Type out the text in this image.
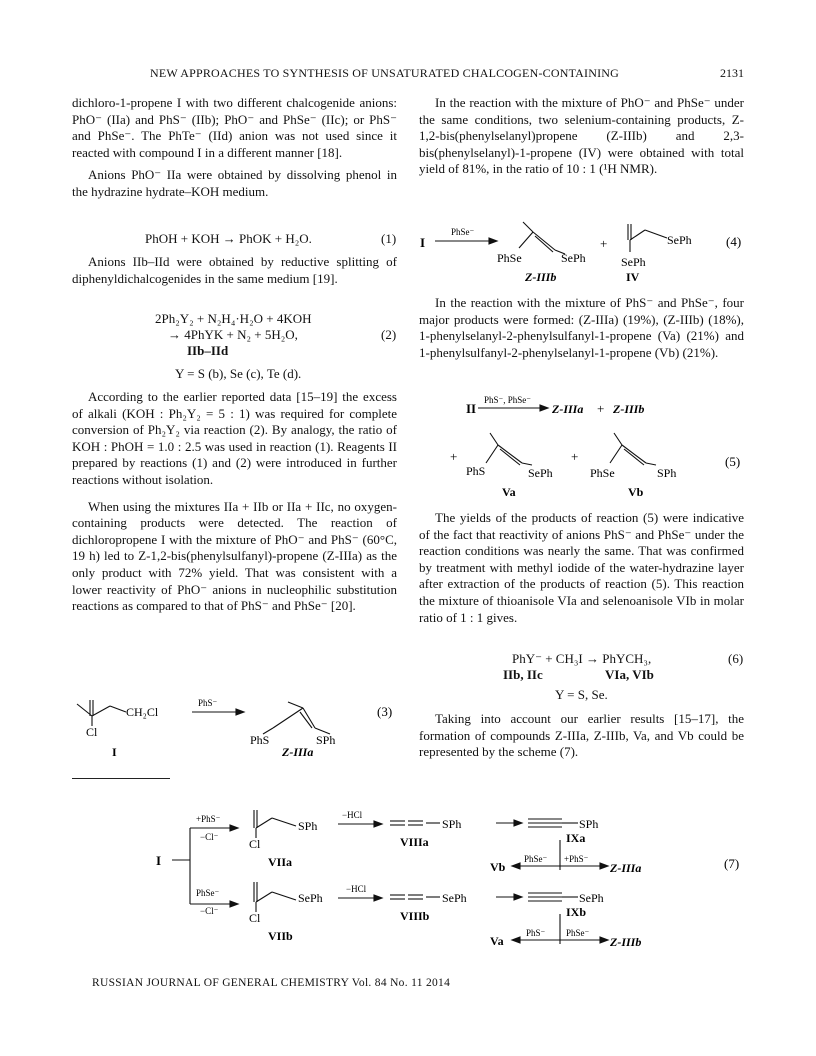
NEW APPROACHES TO SYNTHESIS OF UNSATURATED CHALCOGEN-CONTAINING	2131

dichloro-1-propene I with two different chalcogenide anions: PhO⁻ (IIa) and PhS⁻ (IIb); PhO⁻ and PhSe⁻ (IIc); or PhS⁻ and PhSe⁻. The PhTe⁻ (IId) anion was not used since it reacted with compound I in a different manner [18].

Anions PhO⁻ IIa were obtained by dissolving phenol in the hydrazine hydrate–KOH medium.

PhOH + KOH → PhOK + H₂O.	(1)

Anions IIb–IId were obtained by reductive splitting of diphenyldichalcogenides in the same medium [19].

2Ph₂Y₂ + N₂H₄·H₂O + 4KOH
→ 4PhYK + N₂ + 5H₂O,	(2)
IIb–IId
Y = S (b), Se (c), Te (d).

According to the earlier reported data [15–19] the excess of alkali (KOH : Ph₂Y₂ = 5 : 1) was required for complete conversion of Ph₂Y₂ via reaction (2). By analogy, the ratio of KOH : PhOH = 1.0 : 2.5 was used in reaction (1). Reagents II prepared by reactions (1) and (2) were introduced in further reactions without isolation.

When using the mixtures IIa + IIb or IIa + IIc, no oxygen-containing products were detected. The reaction of dichloropropene I with the mixture of PhO⁻ and PhS⁻ (60°C, 19 h) led to Z-1,2-bis(phenylsulfanyl)-propene (Z-IIIa) as the only product with 72% yield. That was consistent with a lower reactivity of PhO⁻ anions in nucleophilic substitution reactions as compared to that of PhS⁻ and PhSe⁻ [20].

In the reaction with the mixture of PhO⁻ and PhSe⁻ under the same conditions, two selenium-containing products, Z-1,2-bis(phenylselanyl)propene (Z-IIIb) and 2,3-bis(phenylselanyl)-1-propene (IV) were obtained with total yield of 81%, in the ratio of 10 : 1 (¹H NMR).

In the reaction with the mixture of PhS⁻ and PhSe⁻, four major products were formed: (Z-IIIa) (19%), (Z-IIIb) (18%), 1-phenylselanyl-2-phenylsulfanyl-1-propene (Va) (21%) and 1-phenylsulfanyl-2-phenylselanyl-1-propene (Vb) (21%).

The yields of the products of reaction (5) were indicative of the fact that reactivity of anions PhS⁻ and PhSe⁻ under the reaction conditions was nearly the same. That was confirmed by treatment with methyl iodide of the water-hydrazine layer after extraction of the products of reaction (5). This reaction the mixture of thioanisole VIa and selenoanisole VIb in molar ratio of 1 : 1 gives.

PhY⁻ + CH₃I → PhYCH₃,	(6)
IIb, IIc	VIa, VIb
Y = S, Se.

Taking into account our earlier results [15–17], the formation of compounds Z-IIIa, Z-IIIb, Va, and Vb could be represented by the scheme (7).

CH₂Cl
Cl
I
PhS⁻
PhS	SPh
Z-IIIa
(3)
I
PhSe⁻
PhSe	SePh
+	SePh
SePh
Z-IIIb	IV
(4)
II
PhS⁻, PhSe⁻
Z-IIIa + Z-IIIb
+
PhS	SePh
+
PhSe	SPh
Va	Vb
(5)
I
+PhS⁻
−Cl⁻
PhSe⁻
−Cl⁻
SPh
Cl
VIIa
−HCl
SPh
VIIIa
SPh
IXa
Vb
PhSe⁻ +PhS⁻
Z-IIIa
SePh
Cl
VIIb
−HCl
SePh
VIIIb
SePh
IXb
Va
PhS⁻ PhSe⁻
Z-IIIb
(7)
RUSSIAN JOURNAL OF GENERAL CHEMISTRY Vol. 84 No. 11 2014
